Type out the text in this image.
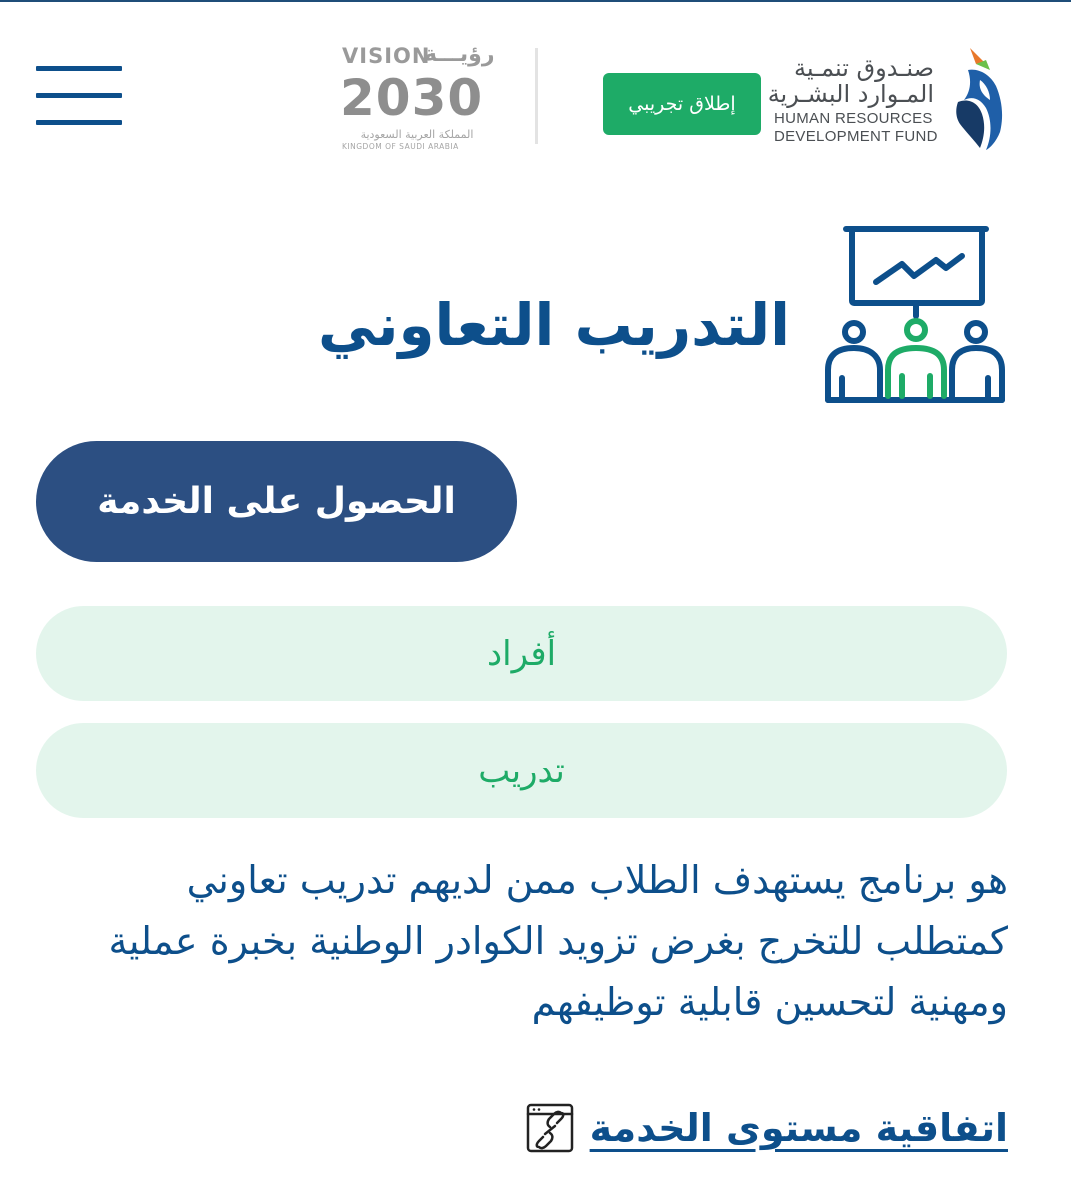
VISION
رؤيـــة
2030
المملكة العربية السعودية
KINGDOM OF SAUDI ARABIA
إطلاق تجريبي
صنـدوق تنمـية
المـوارد البشـرية
HUMAN RESOURCES
DEVELOPMENT FUND
التدريب التعاوني
الحصول على الخدمة
أفراد
تدريب
هو برنامج يستهدف الطلاب ممن لديهم تدريب تعاوني كمتطلب للتخرج بغرض تزويد الكوادر الوطنية بخبرة عملية ومهنية لتحسين قابلية توظيفهم
اتفاقية مستوى الخدمة
